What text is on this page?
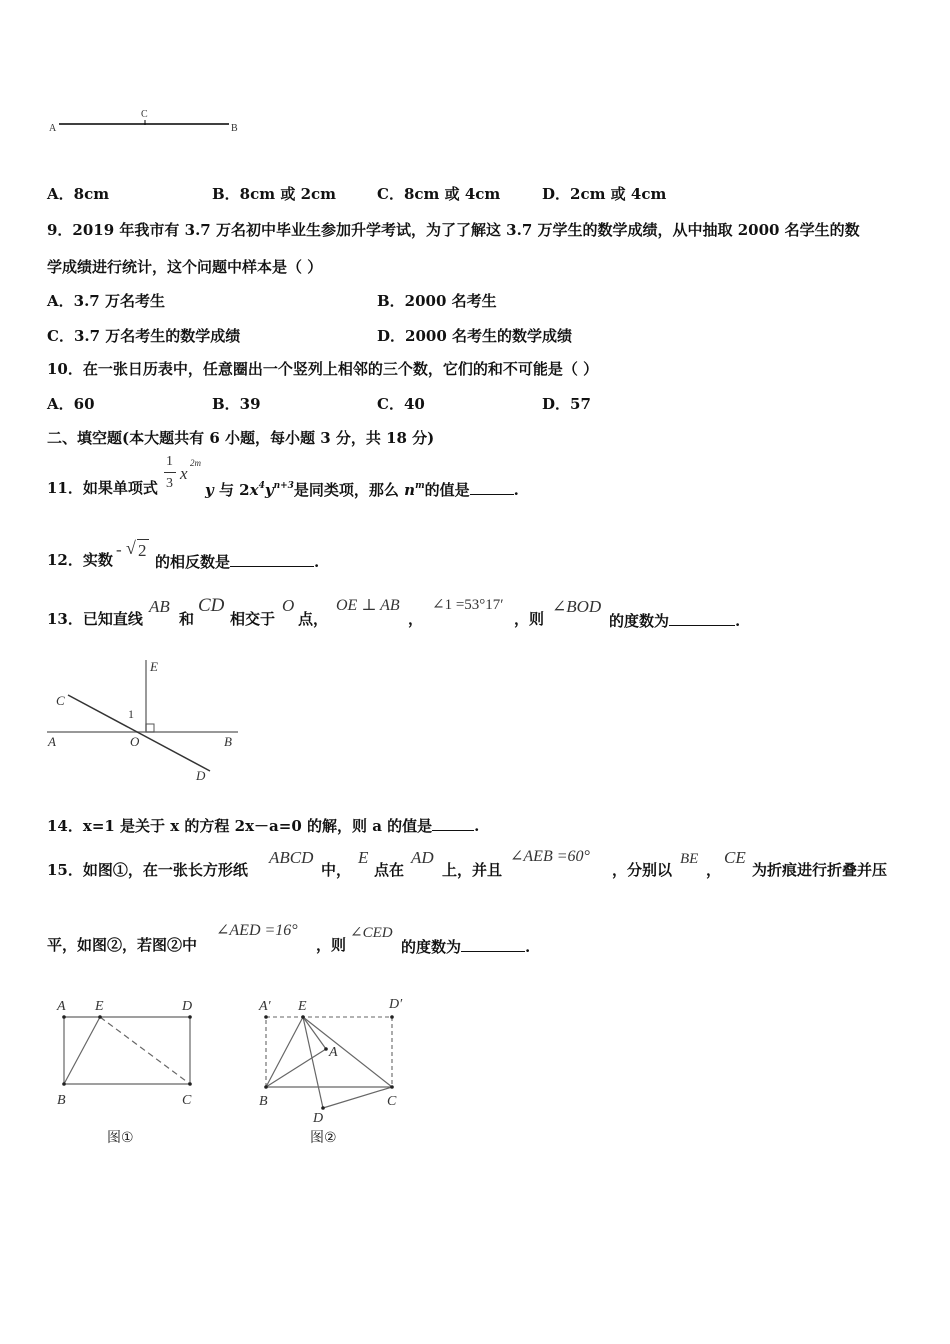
A
C
B
A．8cm	B．8cm 或 2cm	C．8cm 或 4cm	D．2cm 或 4cm
9．2019 年我市有 3.7 万名初中毕业生参加升学考试，为了了解这 3.7 万学生的数学成绩，从中抽取 2000 名学生的数
学成绩进行统计，这个问题中样本是（ ）
A．3.7 万名考生	B．2000 名考生
C．3.7 万名考生的数学成绩	D．2000 名考生的数学成绩
10．在一张日历表中，任意圈出一个竖列上相邻的三个数，它们的和不可能是（ ）
A．60	B．39	C．40	D．57
二、填空题(本大题共有 6 小题，每小题 3 分，共 18 分)
11．如果单项式
1
3
x
2m
y 与 $2x^4y^{n+3}$是同类项，那么 $n^m$的值是	.
12．实数
- √ 2
的相反数是	.
13．已知直线
AB
和
CD
相交于
O
点，
OE ⊥ AB
，
∠1 =53°17′
，则
∠BOD
的度数为	.
E
C
1
A	O	B
D
14．x=1 是关于 x 的方程 2x－a=0 的解，则 a 的值是	.
15．如图①，在一张长方形纸
ABCD
中，
E
点在
AD
上，并且
∠AEB =60°
，分别以
BE
，
CE
为折痕进行折叠并压
平，如图②，若图②中
∠AED =16°
，则
∠CED
的度数为	.
A E	D
B	C
图①
A′ E	D′
A
B	C
D
图②
